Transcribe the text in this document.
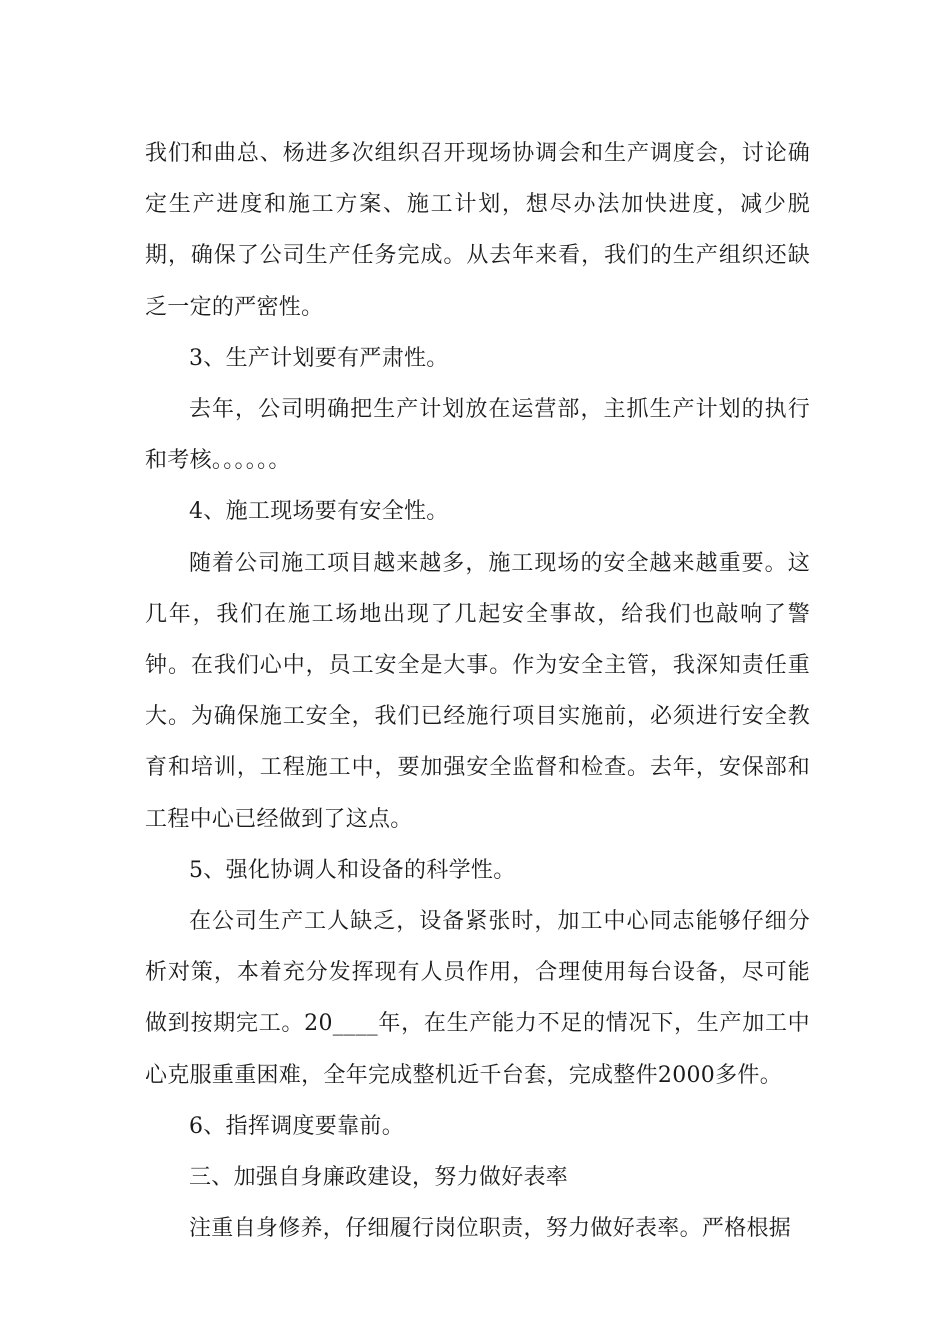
我们和曲总、杨进多次组织召开现场协调会和生产调度会，讨论确定生产进度和施工方案、施工计划，想尽办法加快进度，减少脱期，确保了公司生产任务完成。从去年来看，我们的生产组织还缺乏一定的严密性。

3、生产计划要有严肃性。

去年，公司明确把生产计划放在运营部，主抓生产计划的执行和考核。。。。。。

4、施工现场要有安全性。

随着公司施工项目越来越多，施工现场的安全越来越重要。这几年，我们在施工场地出现了几起安全事故，给我们也敲响了警钟。在我们心中，员工安全是大事。作为安全主管，我深知责任重大。为确保施工安全，我们已经施行项目实施前，必须进行安全教育和培训，工程施工中，要加强安全监督和检查。去年，安保部和工程中心已经做到了这点。

5、强化协调人和设备的科学性。

在公司生产工人缺乏，设备紧张时，加工中心同志能够仔细分析对策，本着充分发挥现有人员作用，合理使用每台设备，尽可能做到按期完工。20____年，在生产能力不足的情况下，生产加工中心克服重重困难，全年完成整机近千台套，完成整件2000多件。

6、指挥调度要靠前。

三、加强自身廉政建设，努力做好表率

注重自身修养，仔细履行岗位职责，努力做好表率。严格根据
